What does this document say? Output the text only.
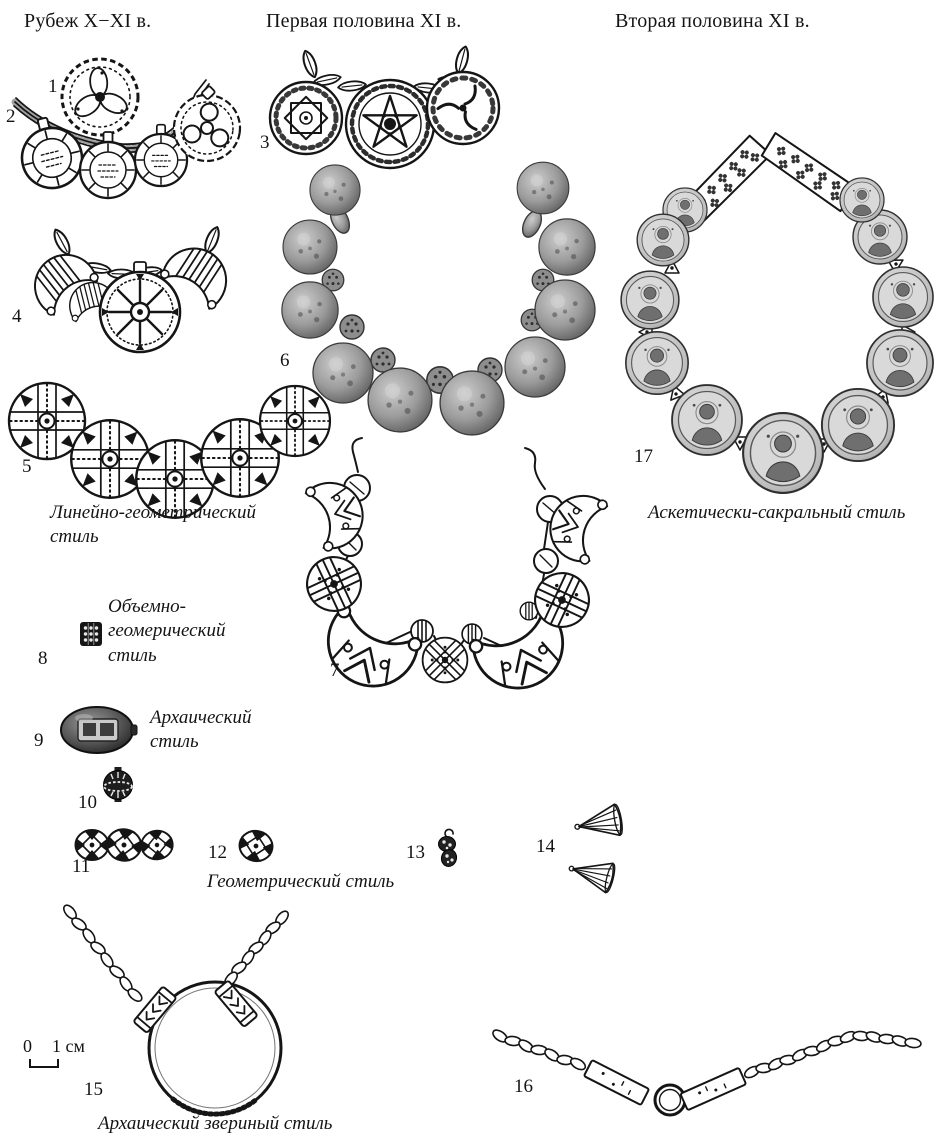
Рубеж X−XI в.	Первая половина XI в.	Вторая половина XI в.
1
2
3
4
5
6
7
8
9
10
11
12	13	14
15	16
17
Линейно-геометрический стиль
Объемно-геомерический стиль
Архаический стиль
Геометрический стиль
Аскетически-сакральный стиль
Архаический звериный стиль
0 1 см
